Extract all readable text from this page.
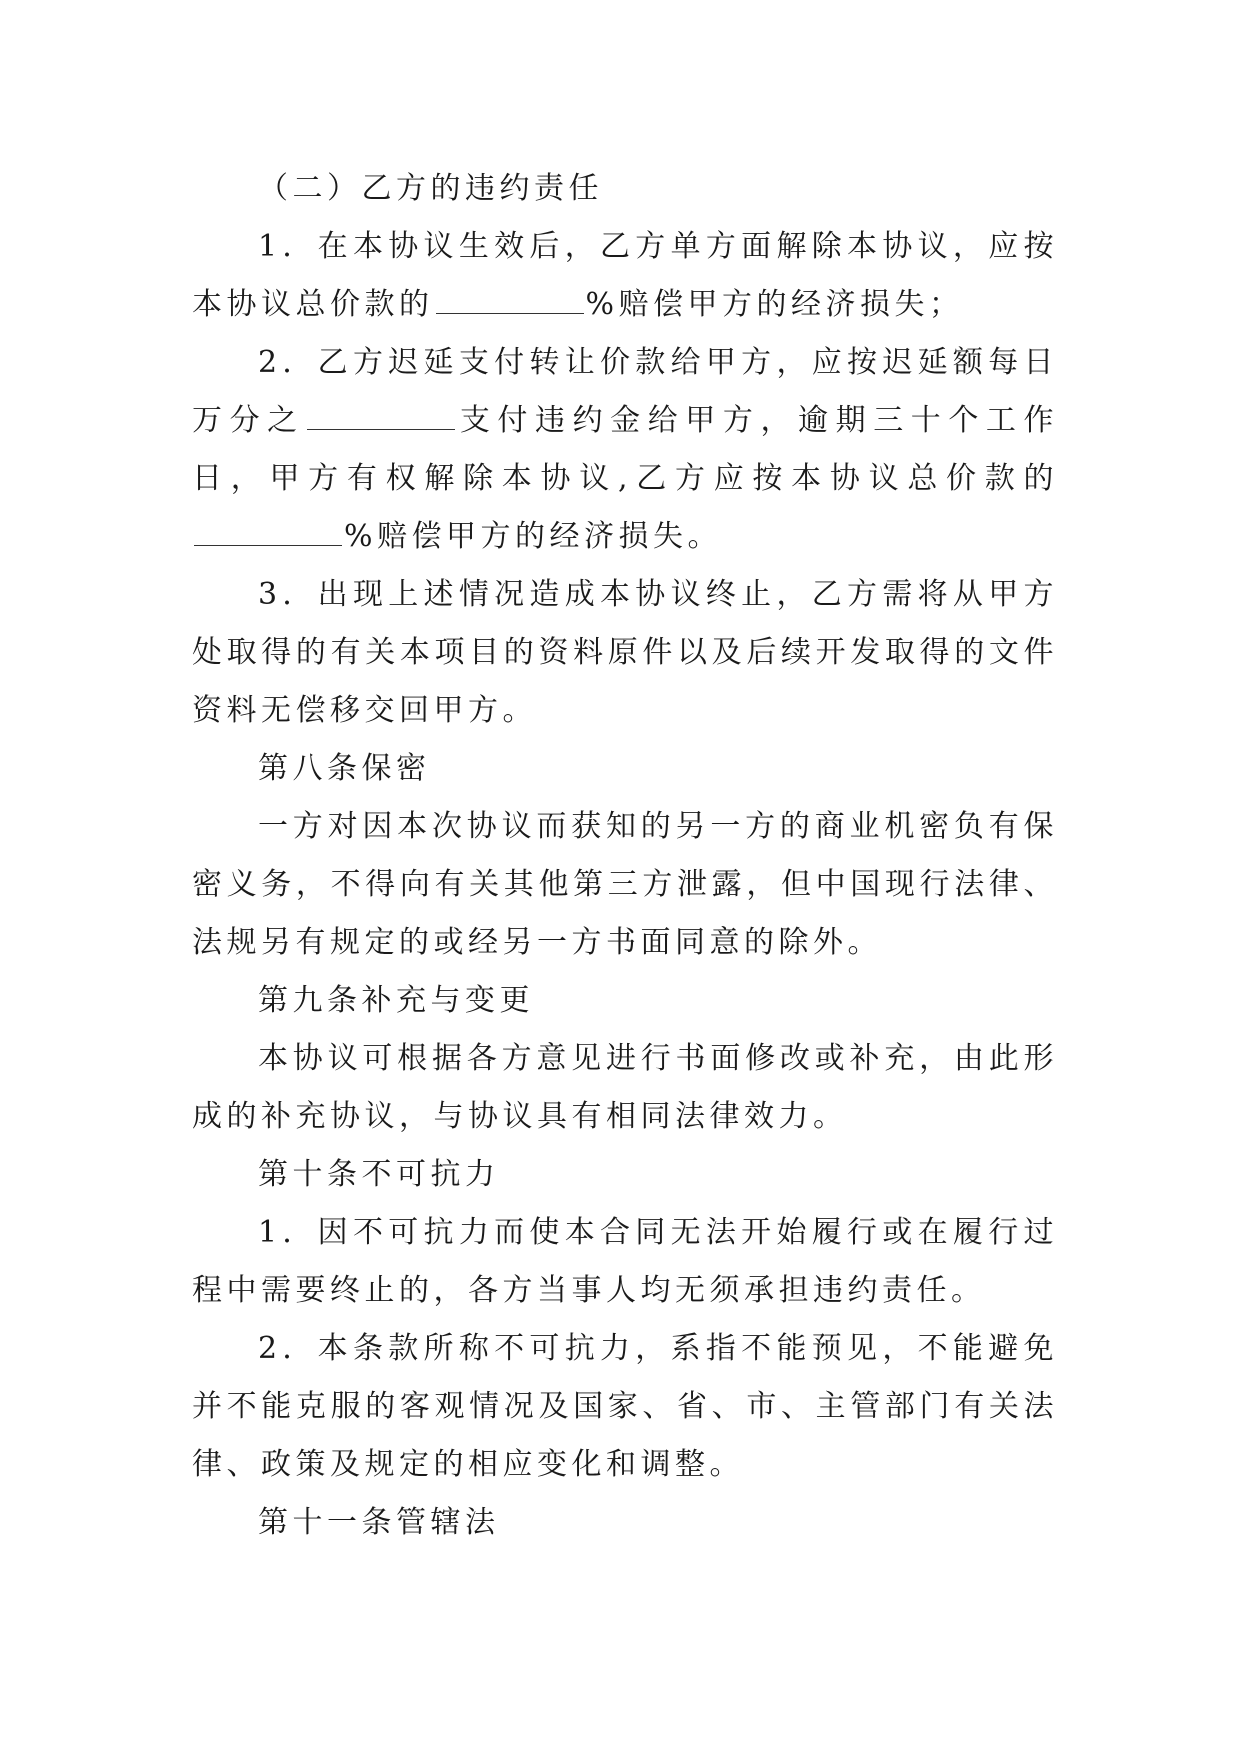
（二）乙方的违约责任

1．在本协议生效后，乙方单方面解除本协议，应按本协议总价款的	%赔偿甲方的经济损失；

2．乙方迟延支付转让价款给甲方，应按迟延额每日万分之	支付违约金给甲方，逾期三十个工作日，甲方有权解除本协议,乙方应按本协议总价款的%赔偿甲方的经济损失。

3．出现上述情况造成本协议终止，乙方需将从甲方处取得的有关本项目的资料原件以及后续开发取得的文件资料无偿移交回甲方。

第八条保密

一方对因本次协议而获知的另一方的商业机密负有保密义务，不得向有关其他第三方泄露，但中国现行法律、法规另有规定的或经另一方书面同意的除外。

第九条补充与变更

本协议可根据各方意见进行书面修改或补充，由此形成的补充协议，与协议具有相同法律效力。

第十条不可抗力

1．因不可抗力而使本合同无法开始履行或在履行过程中需要终止的，各方当事人均无须承担违约责任。

2．本条款所称不可抗力，系指不能预见，不能避免并不能克服的客观情况及国家、省、市、主管部门有关法律、政策及规定的相应变化和调整。

第十一条管辖法
